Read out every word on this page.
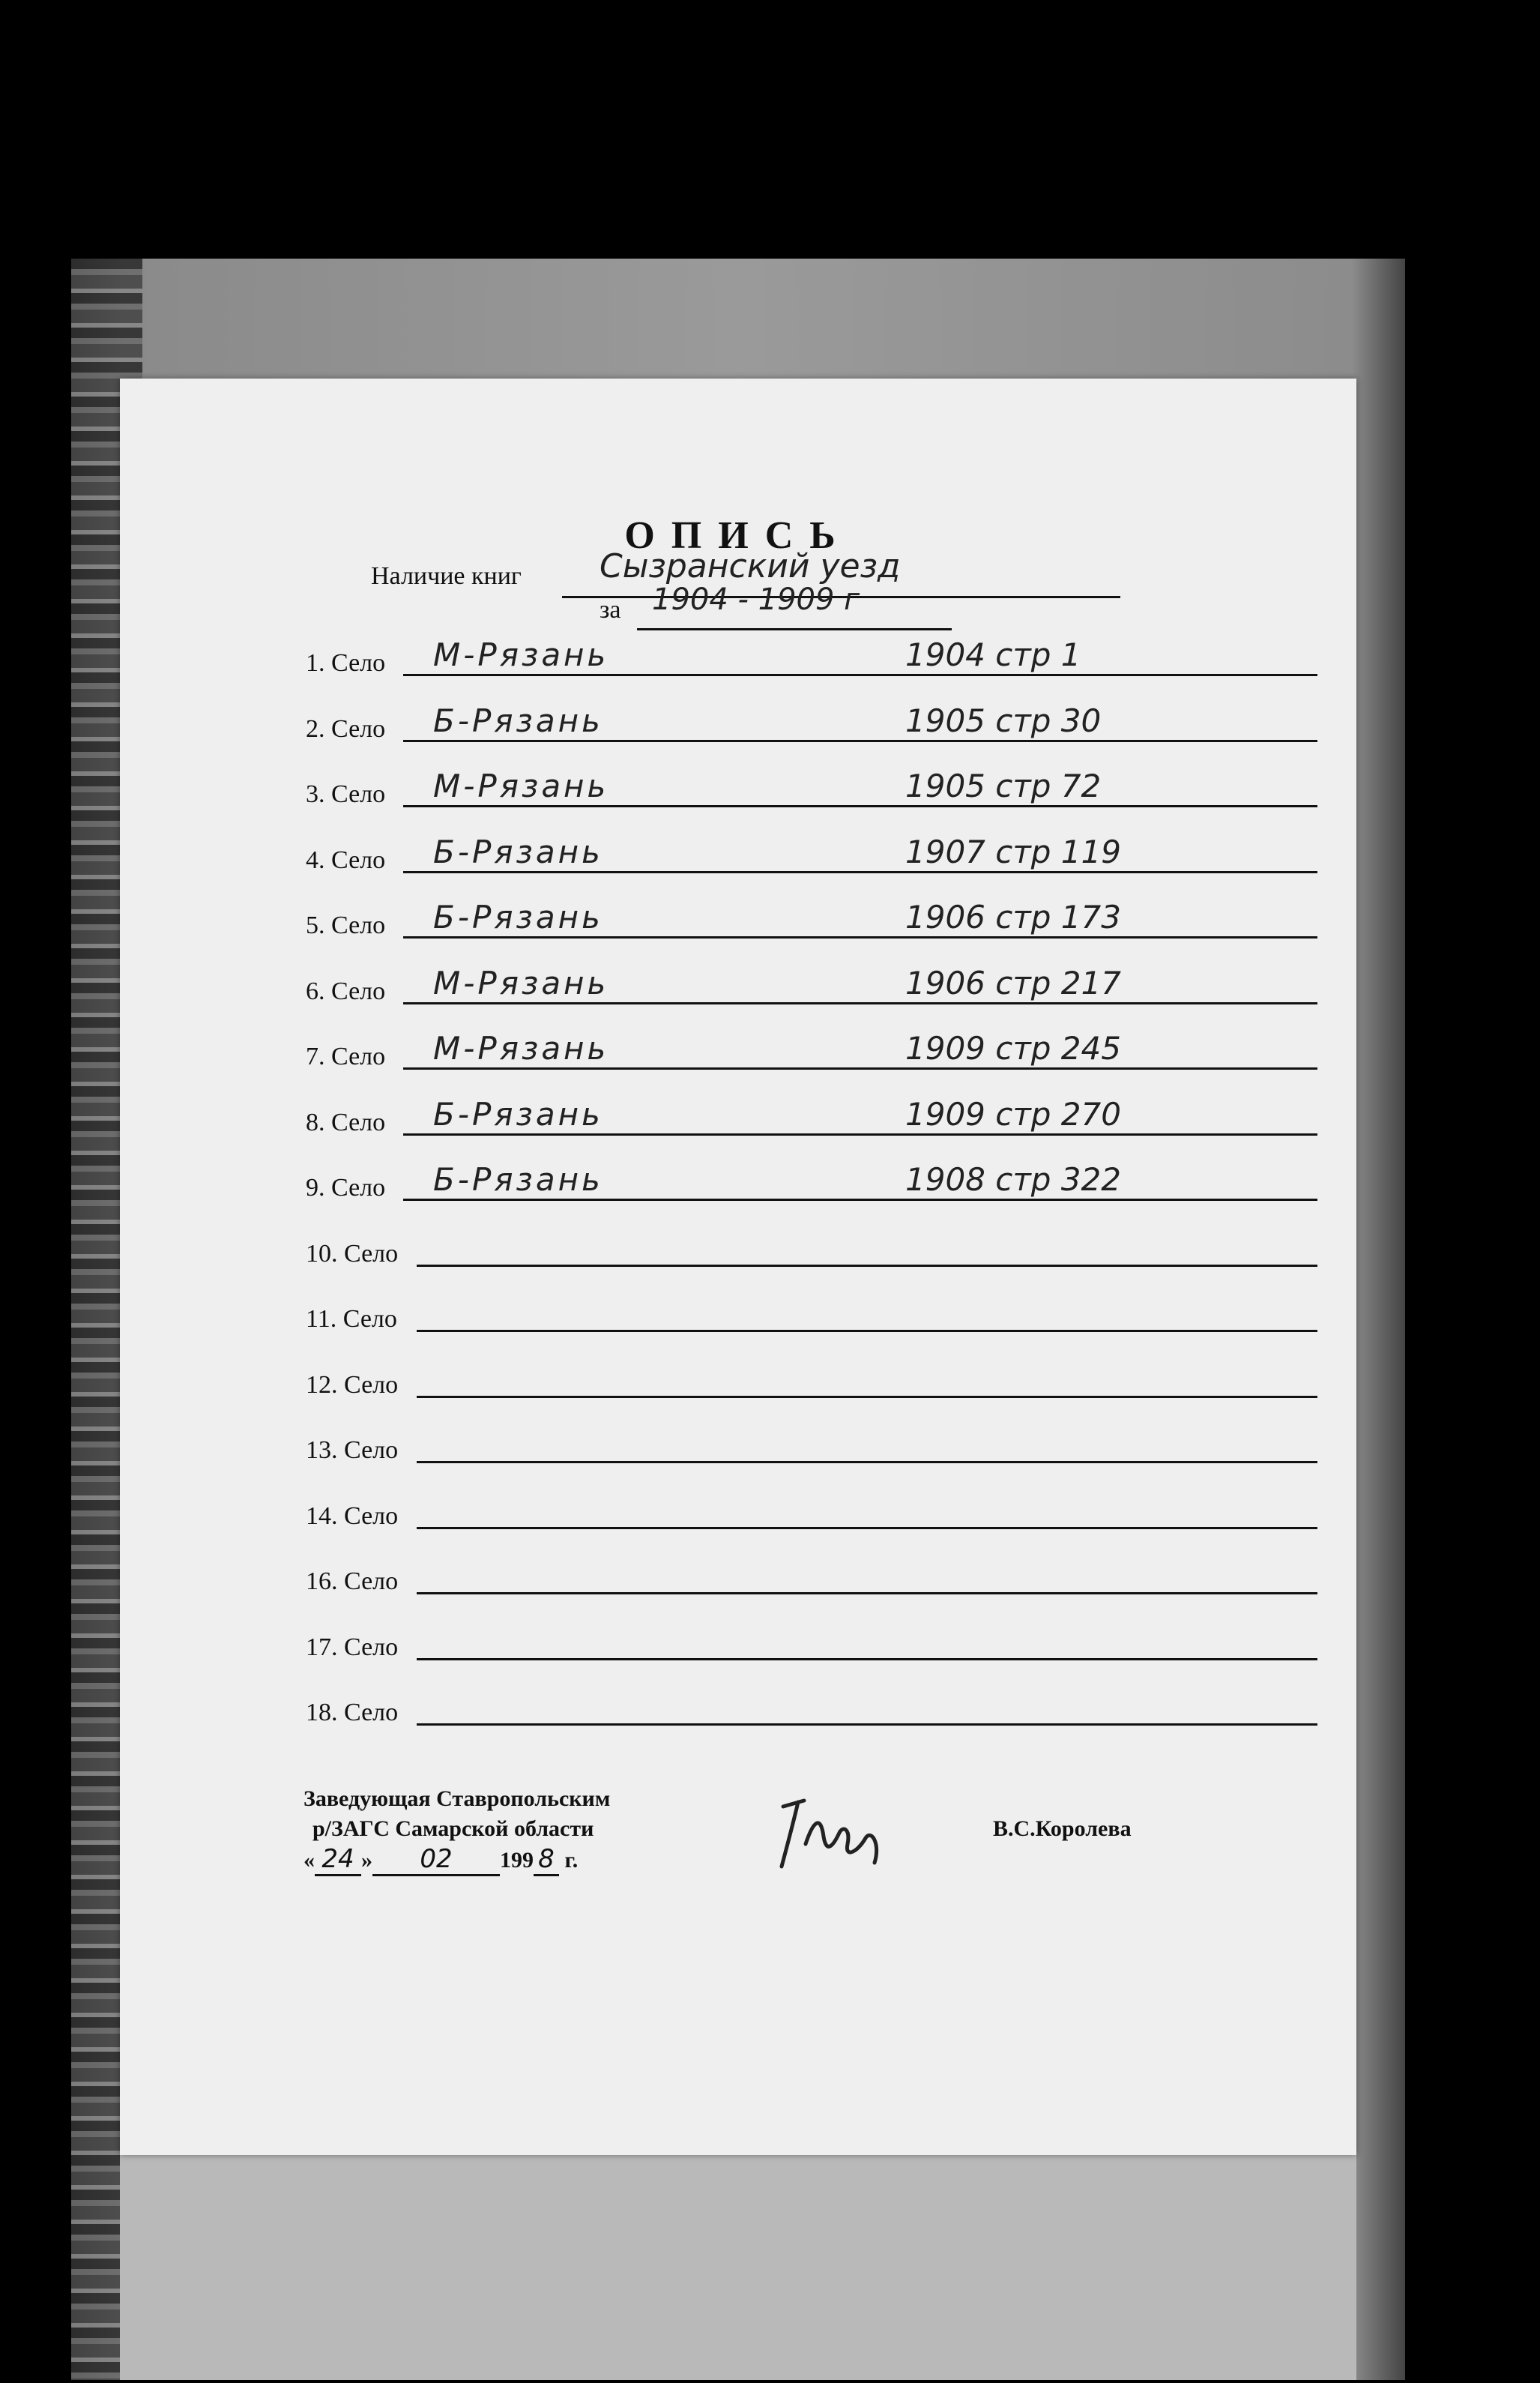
ОПИСЬ
Наличие книг Сызранский уезд
за 1904 - 1909 г
1. Село М-Рязань	1904 стр 1
2. Село Б-Рязань	1905 стр 30
3. Село М-Рязань	1905 стр 72
4. Село Б-Рязань	1907 стр 119
5. Село Б-Рязань	1906 стр 173
6. Село М-Рязань	1906 стр 217
7. Село М-Рязань	1909 стр 245
8. Село Б-Рязань	1909 стр 270
9. Село Б-Рязань	1908 стр 322
10. Село
11. Село
12. Село
13. Село
14. Село
16. Село
17. Село
18. Село
Заведующая Ставропольским
р/ЗАГС Самарской области
« 24 » 02 199 8 г.
В.С.Королева
